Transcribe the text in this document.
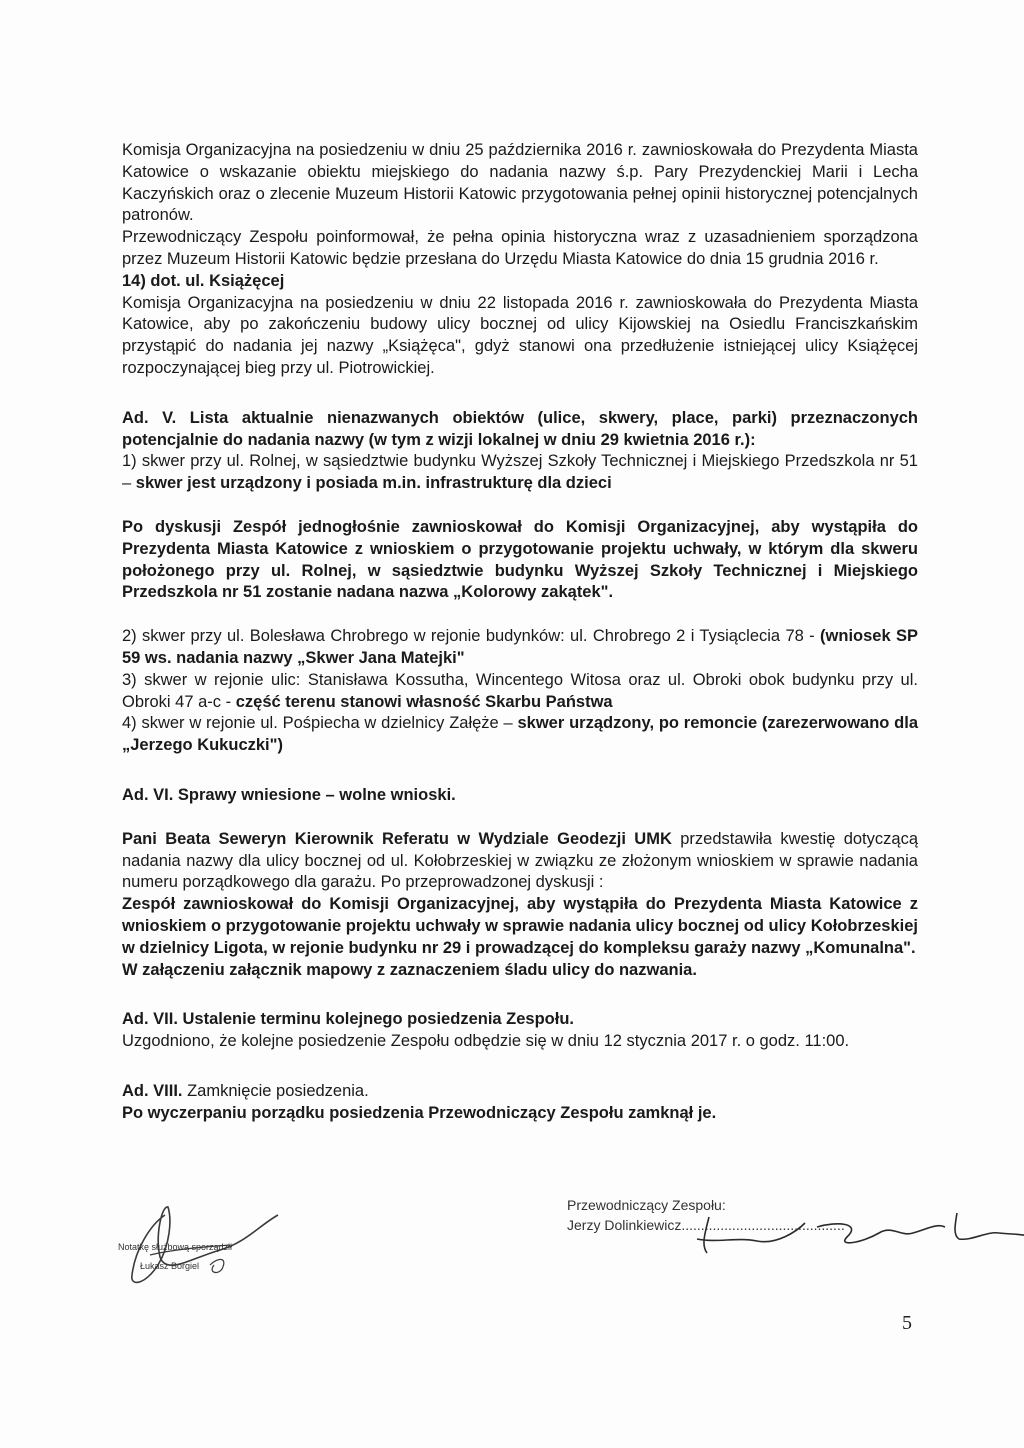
Komisja Organizacyjna na posiedzeniu w dniu 25 października 2016 r. zawnioskowała do Prezydenta Miasta Katowice o wskazanie obiektu miejskiego do nadania nazwy ś.p. Pary Prezydenckiej Marii i Lecha Kaczyńskich oraz o zlecenie Muzeum Historii Katowic przygotowania pełnej opinii historycznej potencjalnych patronów.

Przewodniczący Zespołu poinformował, że pełna opinia historyczna wraz z uzasadnieniem sporządzona przez Muzeum Historii Katowic będzie przesłana do Urzędu Miasta Katowice do dnia 15 grudnia 2016 r.

14) dot. ul. Książęcej

Komisja Organizacyjna na posiedzeniu w dniu 22 listopada 2016 r. zawnioskowała do Prezydenta Miasta Katowice, aby po zakończeniu budowy ulicy bocznej od ulicy Kijowskiej na Osiedlu Franciszkańskim przystąpić do nadania jej nazwy „Książęca", gdyż stanowi ona przedłużenie istniejącej ulicy Książęcej rozpoczynającej bieg przy ul. Piotrowickiej.

Ad. V. Lista aktualnie nienazwanych obiektów (ulice, skwery, place, parki) przeznaczonych potencjalnie do nadania nazwy (w tym z wizji lokalnej w dniu 29 kwietnia 2016 r.):

1) skwer przy ul. Rolnej, w sąsiedztwie budynku Wyższej Szkoły Technicznej i Miejskiego Przedszkola nr 51 – skwer jest urządzony i posiada m.in. infrastrukturę dla dzieci

Po dyskusji Zespół jednogłośnie zawnioskował do Komisji Organizacyjnej, aby wystąpiła do Prezydenta Miasta Katowice z wnioskiem o przygotowanie projektu uchwały, w którym dla skweru położonego przy ul. Rolnej, w sąsiedztwie budynku Wyższej Szkoły Technicznej i Miejskiego Przedszkola nr 51 zostanie nadana nazwa „Kolorowy zakątek".

2) skwer przy ul. Bolesława Chrobrego w rejonie budynków: ul. Chrobrego 2 i Tysiąclecia 78 - (wniosek SP 59 ws. nadania nazwy „Skwer Jana Matejki"

3) skwer w rejonie ulic: Stanisława Kossutha, Wincentego Witosa oraz ul. Obroki obok budynku przy ul. Obroki 47 a-c - część terenu stanowi własność Skarbu Państwa

4) skwer w rejonie ul. Pośpiecha w dzielnicy Załęże – skwer urządzony, po remoncie (zarezerwowano dla „Jerzego Kukuczki")

Ad. VI. Sprawy wniesione – wolne wnioski.

Pani Beata Seweryn Kierownik Referatu w Wydziale Geodezji UMK przedstawiła kwestię dotyczącą nadania nazwy dla ulicy bocznej od ul. Kołobrzeskiej w związku ze złożonym wnioskiem w sprawie nadania numeru porządkowego dla garażu. Po przeprowadzonej dyskusji :

Zespół zawnioskował do Komisji Organizacyjnej, aby wystąpiła do Prezydenta Miasta Katowice z wnioskiem o przygotowanie projektu uchwały w sprawie nadania ulicy bocznej od ulicy Kołobrzeskiej w dzielnicy Ligota, w rejonie budynku nr 29 i prowadzącej do kompleksu garaży nazwy „Komunalna".

W załączeniu załącznik mapowy z zaznaczeniem śladu ulicy do nazwania.

Ad. VII. Ustalenie terminu kolejnego posiedzenia Zespołu.

Uzgodniono, że kolejne posiedzenie Zespołu odbędzie się w dniu 12 stycznia 2017 r. o godz. 11:00.

Ad. VIII. Zamknięcie posiedzenia.

Po wyczerpaniu porządku posiedzenia Przewodniczący Zespołu zamknął je.

Notatkę służbową sporządził
Łukasz Borgiel
Przewodniczący Zespołu:
Jerzy Dolinkiewicz..........................................
5
